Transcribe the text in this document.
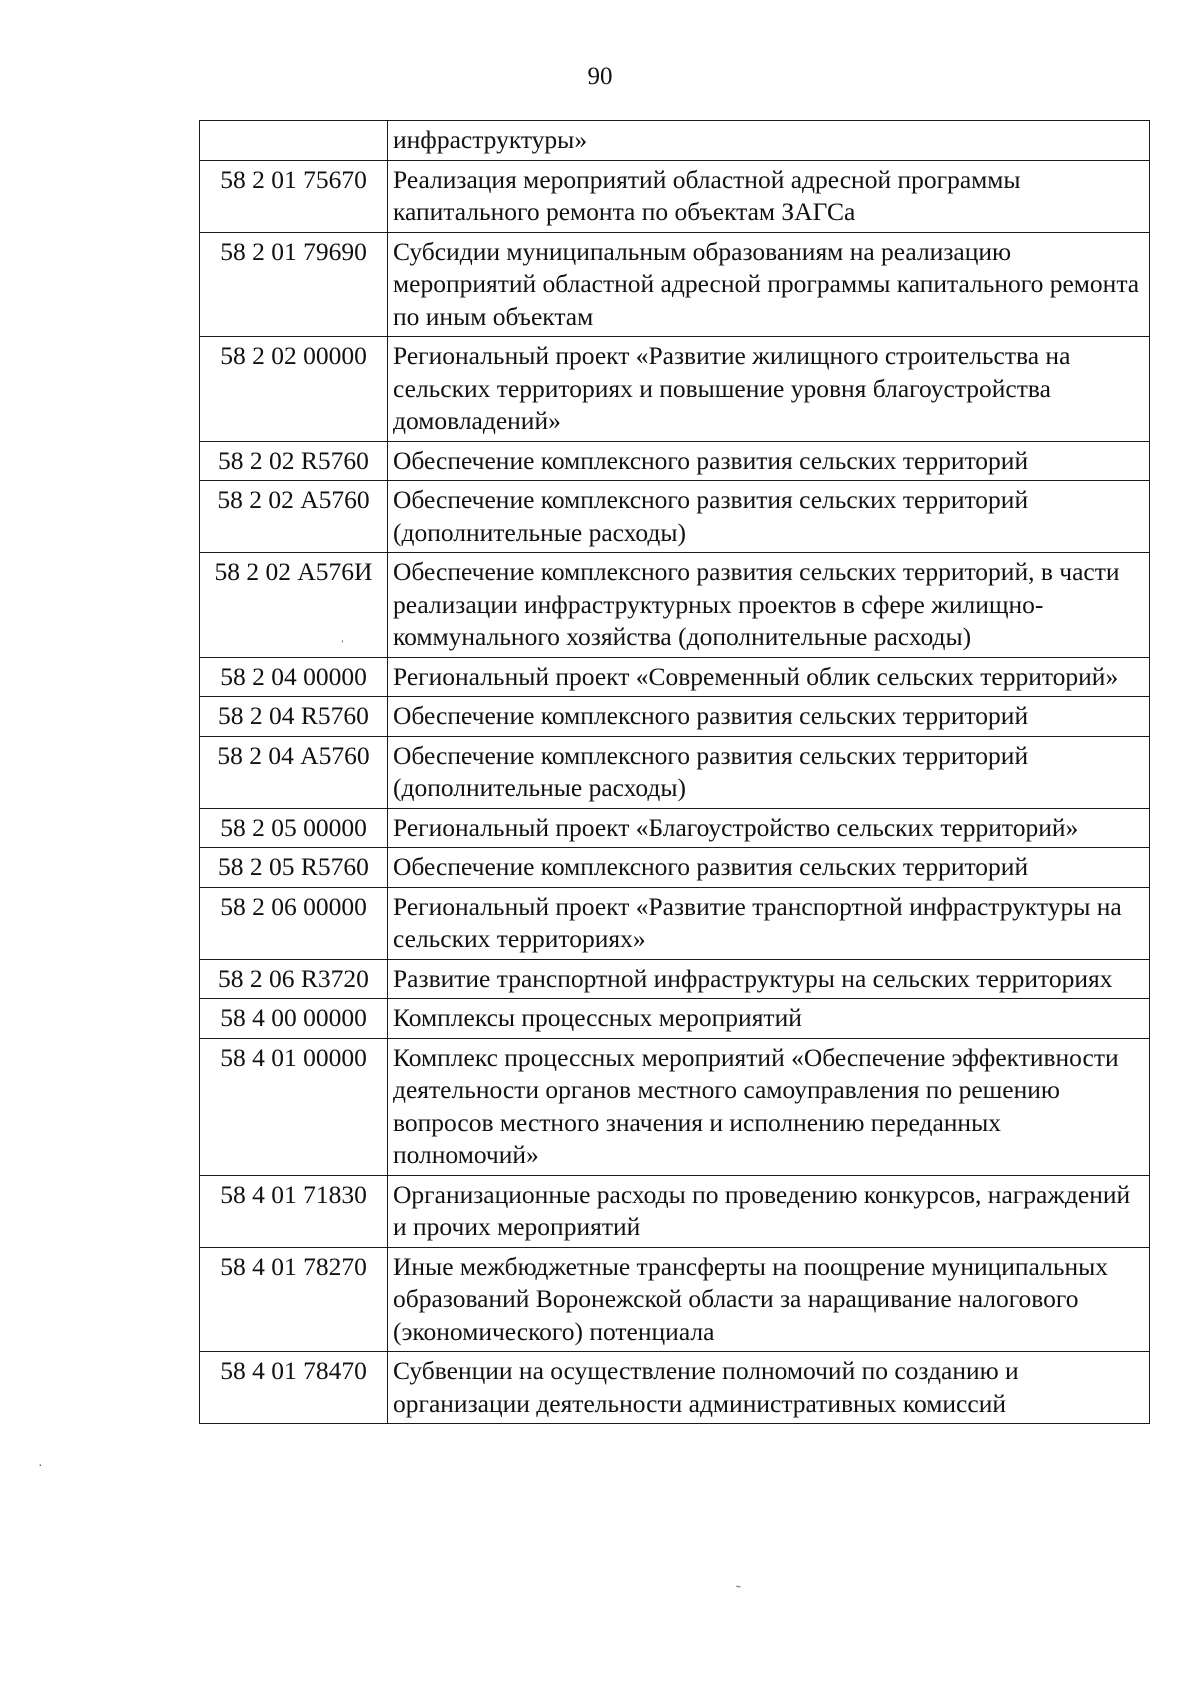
90
	инфраструктуры»
58 2 01 75670	Реализация мероприятий областной адресной программы капитального ремонта по объектам ЗАГСа
58 2 01 79690	Субсидии муниципальным образованиям на реализацию мероприятий областной адресной программы капитального ремонта по иным объектам
58 2 02 00000	Региональный проект «Развитие жилищного строительства на сельских территориях и повышение уровня благоустройства домовладений»
58 2 02 R5760	Обеспечение комплексного развития сельских территорий
58 2 02 А5760	Обеспечение комплексного развития сельских территорий (дополнительные расходы)
58 2 02 А576И	Обеспечение комплексного развития сельских территорий, в части реализации инфраструктурных проектов в сфере жилищно-коммунального хозяйства (дополнительные расходы)
58 2 04 00000	Региональный проект «Современный облик сельских территорий»
58 2 04 R5760	Обеспечение комплексного развития сельских территорий
58 2 04 А5760	Обеспечение комплексного развития сельских территорий (дополнительные расходы)
58 2 05 00000	Региональный проект «Благоустройство сельских территорий»
58 2 05 R5760	Обеспечение комплексного развития сельских территорий
58 2 06 00000	Региональный проект «Развитие транспортной инфраструктуры на сельских территориях»
58 2 06 R3720	Развитие транспортной инфраструктуры на сельских территориях
58 4 00 00000	Комплексы процессных мероприятий
58 4 01 00000	Комплекс процессных мероприятий «Обеспечение эффективности деятельности органов местного самоуправления по решению вопросов местного значения и исполнению переданных полномочий»
58 4 01 71830	Организационные расходы по проведению конкурсов, награждений и прочих мероприятий
58 4 01 78270	Иные межбюджетные трансферты на поощрение муниципальных образований Воронежской области за наращивание налогового (экономического) потенциала
58 4 01 78470	Субвенции на осуществление полномочий по созданию и организации деятельности административных комиссий
ˈ
·
˜
